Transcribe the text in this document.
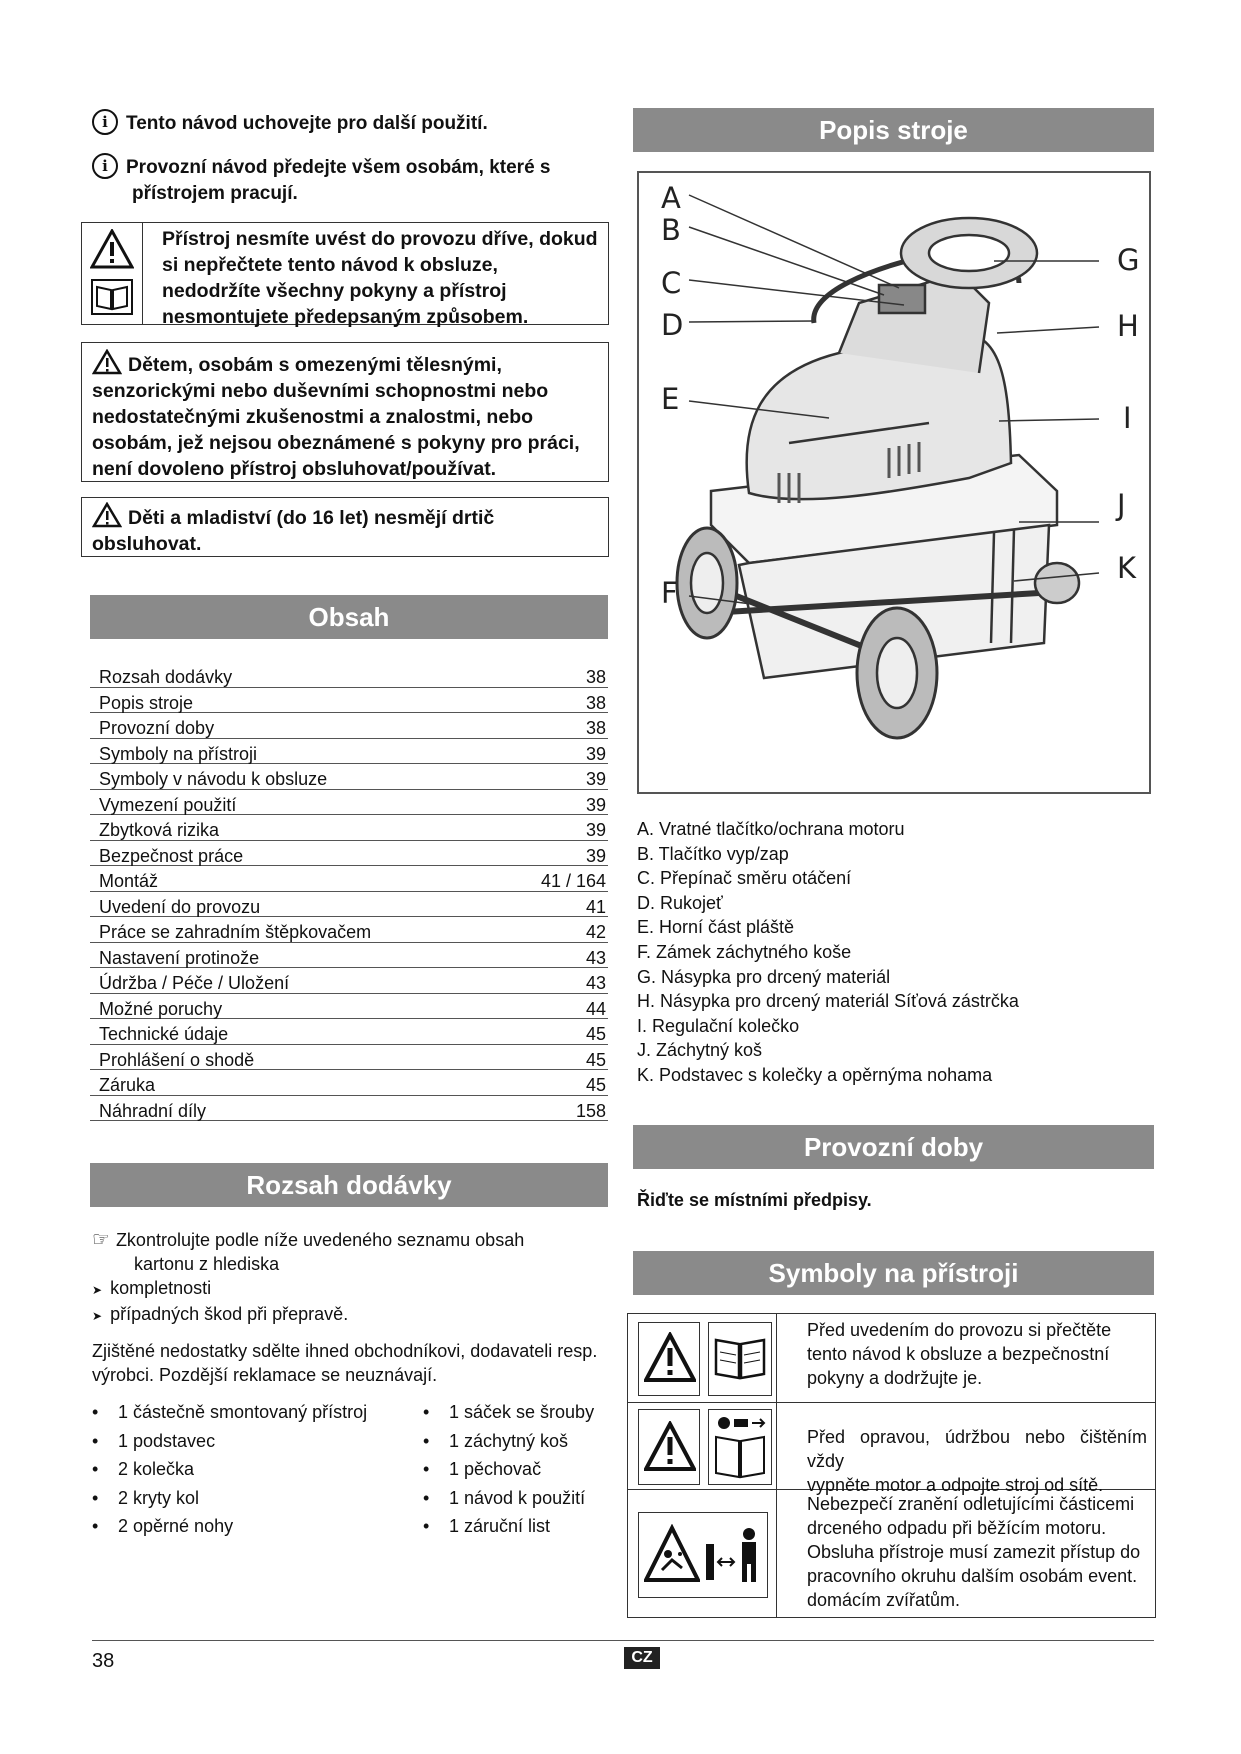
i Tento návod uchovejte pro další použití.
i Provozní návod předejte všem osobám, které s
přístrojem pracují.
Přístroj nesmíte uvést do provozu dříve, dokud
si nepřečtete tento návod k obsluze,
nedodržíte všechny pokyny a přístroj
nesmontujete předepsaným způsobem.
Dětem, osobám s omezenými tělesnými,
senzorickými nebo duševními schopnostmi nebo
nedostatečnými zkušenostmi a znalostmi, nebo
osobám, jež nejsou obeznámené s pokyny pro práci,
není dovoleno přístroj obsluhovat/používat.
Děti a mladiství (do 16 let) nesmějí drtič
obsluhovat.
Obsah
Rozsah dodávky	38
Popis stroje	38
Provozní doby	38
Symboly na přístroji	39
Symboly v návodu k obsluze	39
Vymezení použití	39
Zbytková rizika	39
Bezpečnost práce	39
Montáž	41 / 164
Uvedení do provozu	41
Práce se zahradním štěpkovačem	42
Nastavení protinože	43
Údržba / Péče / Uložení	43
Možné poruchy	44
Technické údaje	45
Prohlášení o shodě	45
Záruka	45
Náhradní díly	158
Rozsah dodávky
☞ Zkontrolujte podle níže uvedeného seznamu obsah
kartonu z hlediska
➤ kompletnosti
➤ případných škod při přepravě.
Zjištěné nedostatky sdělte ihned obchodníkovi, dodavateli resp.
výrobci. Pozdější reklamace se neuznávají.
• 1 částečně smontovaný přístroj
• 1 podstavec
• 2 kolečka
• 2 kryty kol
• 2 opěrné nohy
• 1 sáček se šrouby
• 1 záchytný koš
• 1 pěchovač
• 1 návod k použití
• 1 záruční list
Popis stroje
A
B
C
D
E
F
G
H
I
J
K
A. Vratné tlačítko/ochrana motoru
B. Tlačítko vyp/zap
C. Přepínač směru otáčení
D. Rukojeť
E. Horní část pláště
F. Zámek záchytného koše
G. Násypka pro drcený materiál
H. Násypka pro drcený materiál Síťová zástrčka
I. Regulační kolečko
J. Záchytný koš
K. Podstavec s kolečky a opěrnýma nohama
Provozní doby
Řiďte se místními předpisy.
Symboly na přístroji
Před uvedením do provozu si přečtěte
tento návod k obsluze a bezpečnostní
pokyny a dodržujte je.
Před opravou, údržbou nebo čištěním vždy
vypněte motor a odpojte stroj od sítě.
Nebezpečí zranění odletujícími částicemi
drceného odpadu při běžícím motoru.
Obsluha přístroje musí zamezit přístup do
pracovního okruhu dalším osobám event.
domácím zvířatům.
38	CZ
